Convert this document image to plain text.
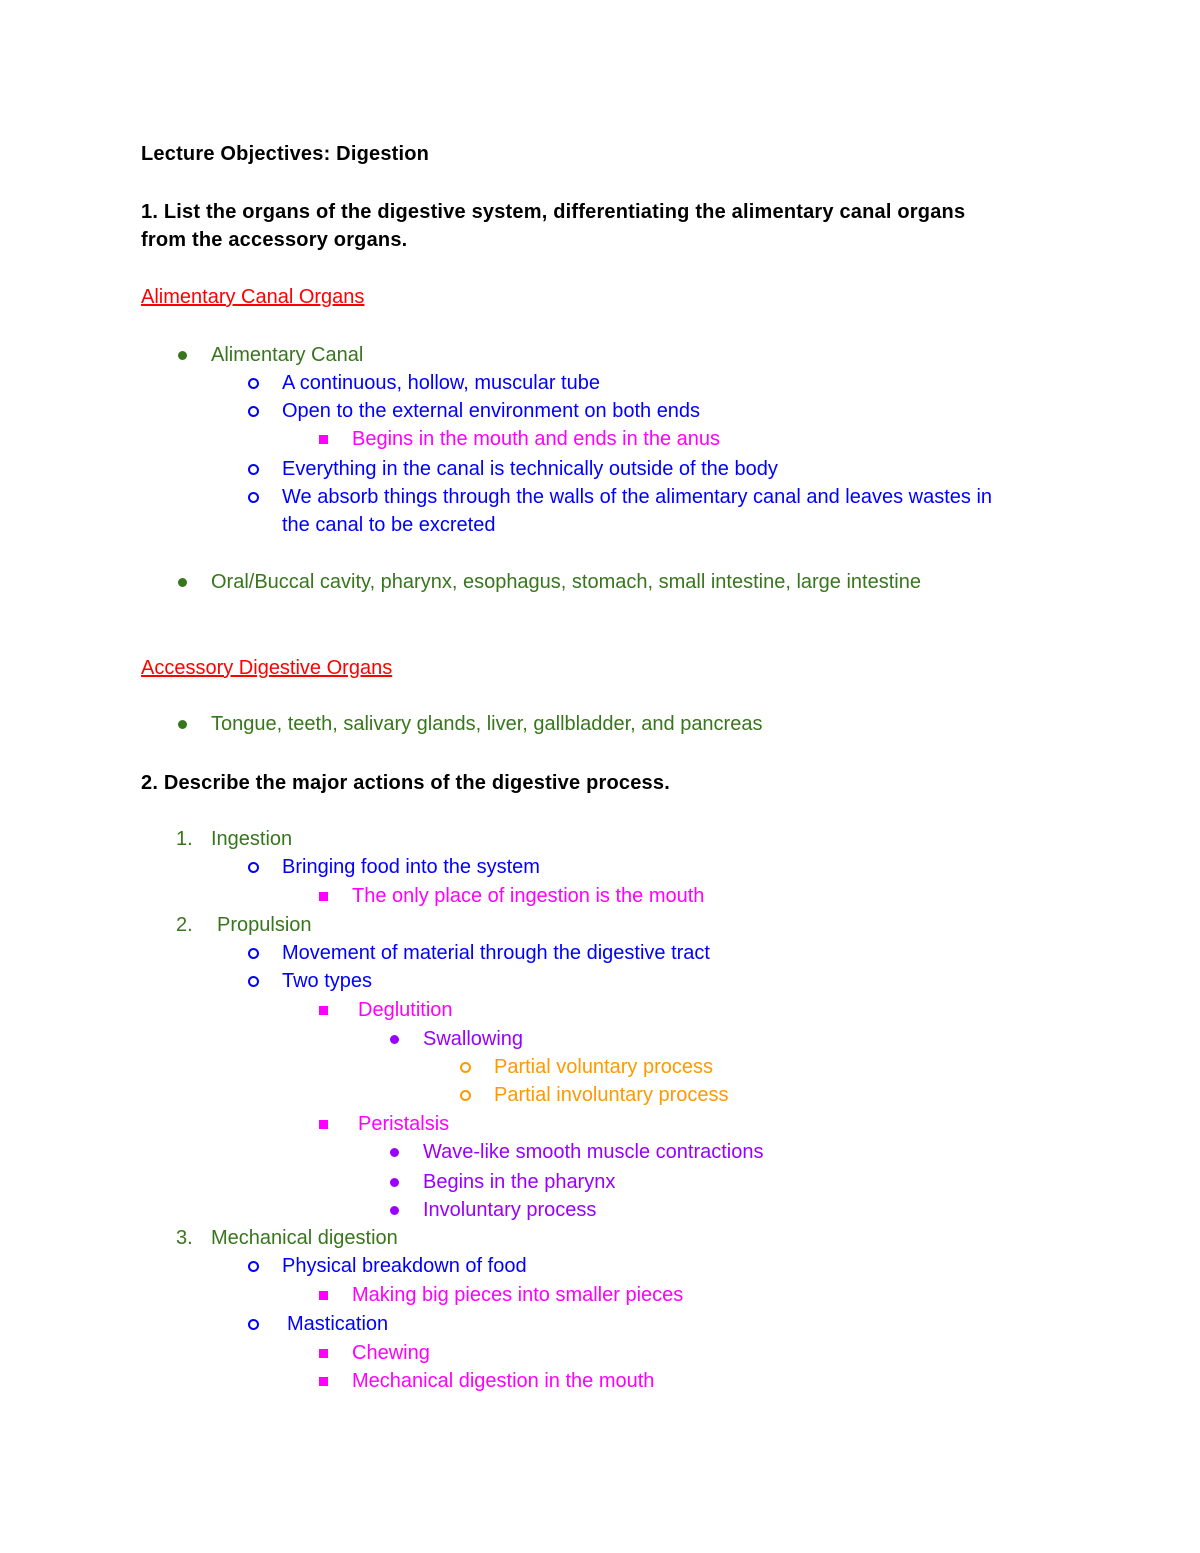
Lecture Objectives: Digestion
1. List the organs of the digestive system, differentiating the alimentary canal organs
from the accessory organs.
Alimentary Canal Organs
Alimentary Canal
A continuous, hollow, muscular tube
Open to the external environment on both ends
Begins in the mouth and ends in the anus
Everything in the canal is technically outside of the body
We absorb things through the walls of the alimentary canal and leaves wastes in
the canal to be excreted
Oral/Buccal cavity, pharynx, esophagus, stomach, small intestine, large intestine
Accessory Digestive Organs
Tongue, teeth, salivary glands, liver, gallbladder, and pancreas
2. Describe the major actions of the digestive process.
1. Ingestion
Bringing food into the system
The only place of ingestion is the mouth
2. Propulsion
Movement of material through the digestive tract
Two types
Deglutition
Swallowing
Partial voluntary process
Partial involuntary process
Peristalsis
Wave-like smooth muscle contractions
Begins in the pharynx
Involuntary process
3. Mechanical digestion
Physical breakdown of food
Making big pieces into smaller pieces
Mastication
Chewing
Mechanical digestion in the mouth
